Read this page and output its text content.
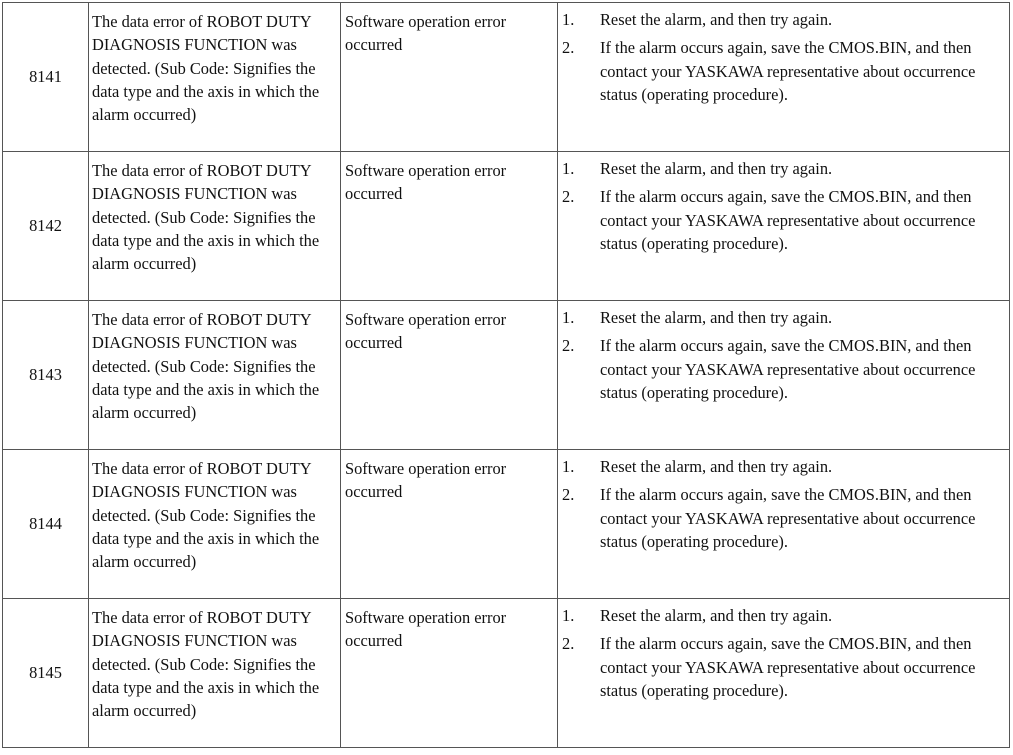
8141	The data error of ROBOT DUTY DIAGNOSIS FUNCTION was detected. (Sub Code: Signifies the data type and the axis in which the alarm occurred)	Software operation error occurred	1. Reset the alarm, and then try again.
2. If the alarm occurs again, save the CMOS.BIN, and then contact your YASKAWA representative about occurrence status (operating procedure).

8142	The data error of ROBOT DUTY DIAGNOSIS FUNCTION was detected. (Sub Code: Signifies the data type and the axis in which the alarm occurred)	Software operation error occurred	1. Reset the alarm, and then try again.
2. If the alarm occurs again, save the CMOS.BIN, and then contact your YASKAWA representative about occurrence status (operating procedure).

8143	The data error of ROBOT DUTY DIAGNOSIS FUNCTION was detected. (Sub Code: Signifies the data type and the axis in which the alarm occurred)	Software operation error occurred	1. Reset the alarm, and then try again.
2. If the alarm occurs again, save the CMOS.BIN, and then contact your YASKAWA representative about occurrence status (operating procedure).

8144	The data error of ROBOT DUTY DIAGNOSIS FUNCTION was detected. (Sub Code: Signifies the data type and the axis in which the alarm occurred)	Software operation error occurred	1. Reset the alarm, and then try again.
2. If the alarm occurs again, save the CMOS.BIN, and then contact your YASKAWA representative about occurrence status (operating procedure).

8145	The data error of ROBOT DUTY DIAGNOSIS FUNCTION was detected. (Sub Code: Signifies the data type and the axis in which the alarm occurred)	Software operation error occurred	1. Reset the alarm, and then try again.
2. If the alarm occurs again, save the CMOS.BIN, and then contact your YASKAWA representative about occurrence status (operating procedure).
